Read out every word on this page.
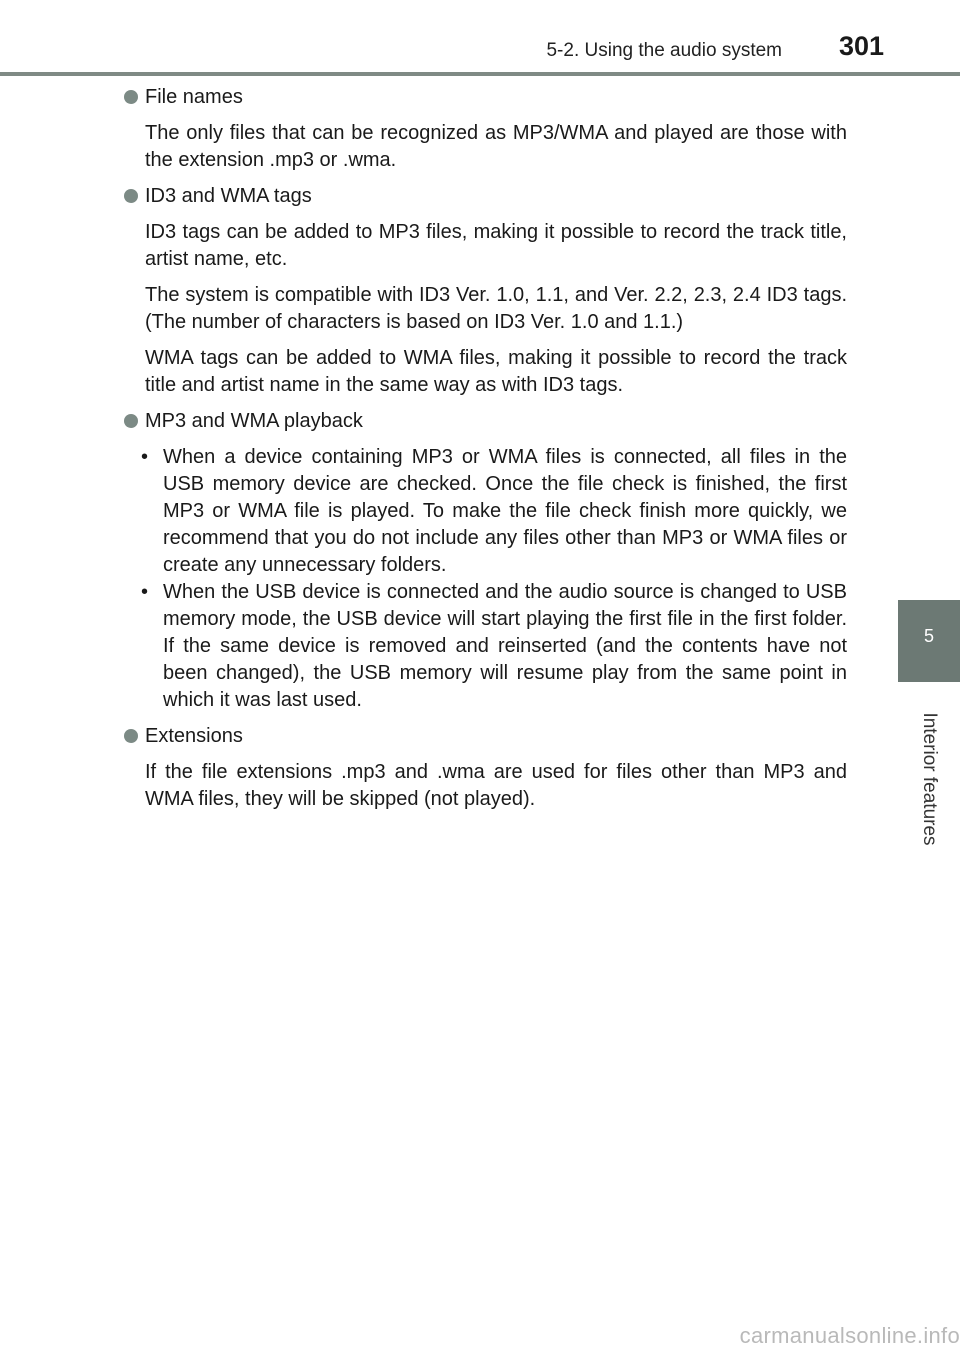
5-2. Using the audio system 301
5
Interior features
File names

The only files that can be recognized as MP3/WMA and played are those with the extension .mp3 or .wma.

ID3 and WMA tags

ID3 tags can be added to MP3 files, making it possible to record the track title, artist name, etc.

The system is compatible with ID3 Ver. 1.0, 1.1, and Ver. 2.2, 2.3, 2.4 ID3 tags. (The number of characters is based on ID3 Ver. 1.0 and 1.1.)

WMA tags can be added to WMA files, making it possible to record the track title and artist name in the same way as with ID3 tags.

MP3 and WMA playback

• When a device containing MP3 or WMA files is connected, all files in the USB memory device are checked. Once the file check is finished, the first MP3 or WMA file is played. To make the file check finish more quickly, we recommend that you do not include any files other than MP3 or WMA files or create any unnecessary folders.

• When the USB device is connected and the audio source is changed to USB memory mode, the USB device will start playing the first file in the first folder. If the same device is removed and reinserted (and the contents have not been changed), the USB memory will resume play from the same point in which it was last used.

Extensions

If the file extensions .mp3 and .wma are used for files other than MP3 and WMA files, they will be skipped (not played).

carmanualsonline.info
